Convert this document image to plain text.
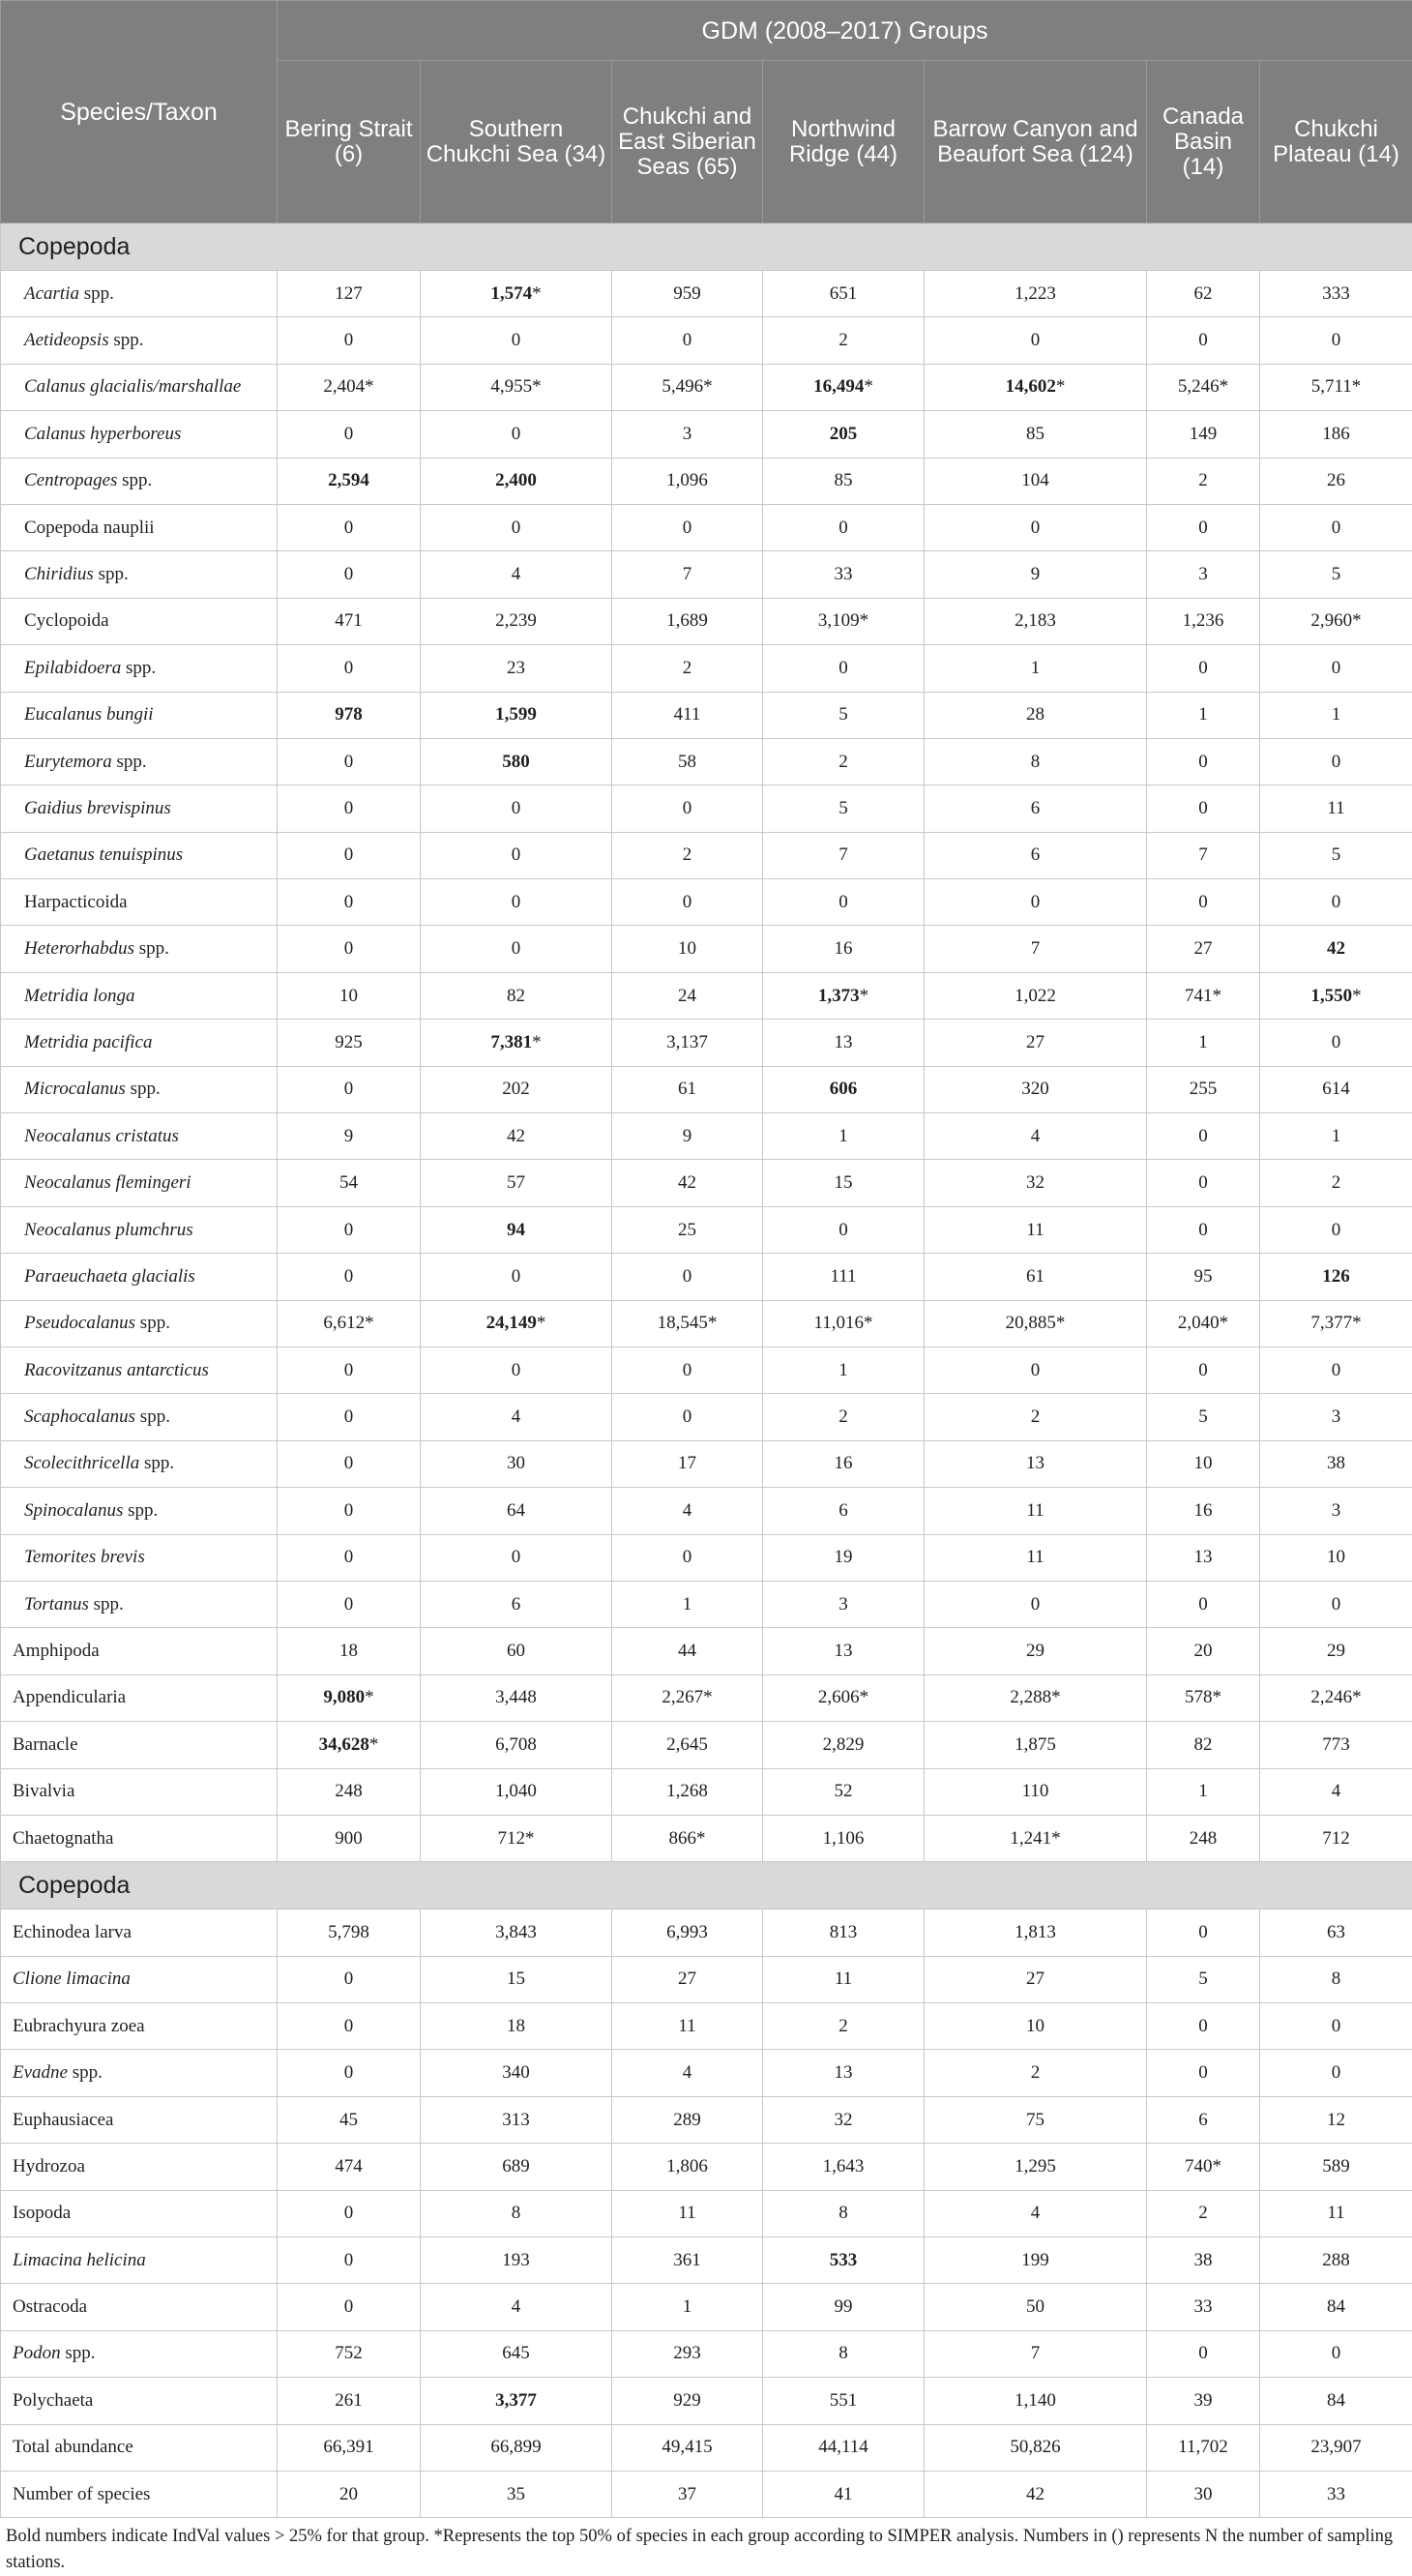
Species/Taxon	GDM (2008–2017) Groups						
	Bering Strait (6)	Southern Chukchi Sea (34)	Chukchi and East Siberian Seas (65)	Northwind Ridge (44)	Barrow Canyon and Beaufort Sea (124)	Canada Basin (14)	Chukchi Plateau (14)
Copepoda							
Acartia spp.	127	1,574*	959	651	1,223	62	333
Aetideopsis spp.	0	0	0	2	0	0	0
Calanus glacialis/marshallae	2,404*	4,955*	5,496*	16,494*	14,602*	5,246*	5,711*
Calanus hyperboreus	0	0	3	205	85	149	186
Centropages spp.	2,594	2,400	1,096	85	104	2	26
Copepoda nauplii	0	0	0	0	0	0	0
Chiridius spp.	0	4	7	33	9	3	5
Cyclopoida	471	2,239	1,689	3,109*	2,183	1,236	2,960*
Epilabidoera spp.	0	23	2	0	1	0	0
Eucalanus bungii	978	1,599	411	5	28	1	1
Eurytemora spp.	0	580	58	2	8	0	0
Gaidius brevispinus	0	0	0	5	6	0	11
Gaetanus tenuispinus	0	0	2	7	6	7	5
Harpacticoida	0	0	0	0	0	0	0
Heterorhabdus spp.	0	0	10	16	7	27	42
Metridia longa	10	82	24	1,373*	1,022	741*	1,550*
Metridia pacifica	925	7,381*	3,137	13	27	1	0
Microcalanus spp.	0	202	61	606	320	255	614
Neocalanus cristatus	9	42	9	1	4	0	1
Neocalanus flemingeri	54	57	42	15	32	0	2
Neocalanus plumchrus	0	94	25	0	11	0	0
Paraeuchaeta glacialis	0	0	0	111	61	95	126
Pseudocalanus spp.	6,612*	24,149*	18,545*	11,016*	20,885*	2,040*	7,377*
Racovitzanus antarcticus	0	0	0	1	0	0	0
Scaphocalanus spp.	0	4	0	2	2	5	3
Scolecithricella spp.	0	30	17	16	13	10	38
Spinocalanus spp.	0	64	4	6	11	16	3
Temorites brevis	0	0	0	19	11	13	10
Tortanus spp.	0	6	1	3	0	0	0
Amphipoda	18	60	44	13	29	20	29
Appendicularia	9,080*	3,448	2,267*	2,606*	2,288*	578*	2,246*
Barnacle	34,628*	6,708	2,645	2,829	1,875	82	773
Bivalvia	248	1,040	1,268	52	110	1	4
Chaetognatha	900	712*	866*	1,106	1,241*	248	712
Copepoda							
Echinodea larva	5,798	3,843	6,993	813	1,813	0	63
Clione limacina	0	15	27	11	27	5	8
Eubrachyura zoea	0	18	11	2	10	0	0
Evadne spp.	0	340	4	13	2	0	0
Euphausiacea	45	313	289	32	75	6	12
Hydrozoa	474	689	1,806	1,643	1,295	740*	589
Isopoda	0	8	11	8	4	2	11
Limacina helicina	0	193	361	533	199	38	288
Ostracoda	0	4	1	99	50	33	84
Podon spp.	752	645	293	8	7	0	0
Polychaeta	261	3,377	929	551	1,140	39	84
Total abundance	66,391	66,899	49,415	44,114	50,826	11,702	23,907
Number of species	20	35	37	41	42	30	33
Bold numbers indicate IndVal values > 25% for that group. *Represents the top 50% of species in each group according to SIMPER analysis. Numbers in () represents N the number of sampling stations.
